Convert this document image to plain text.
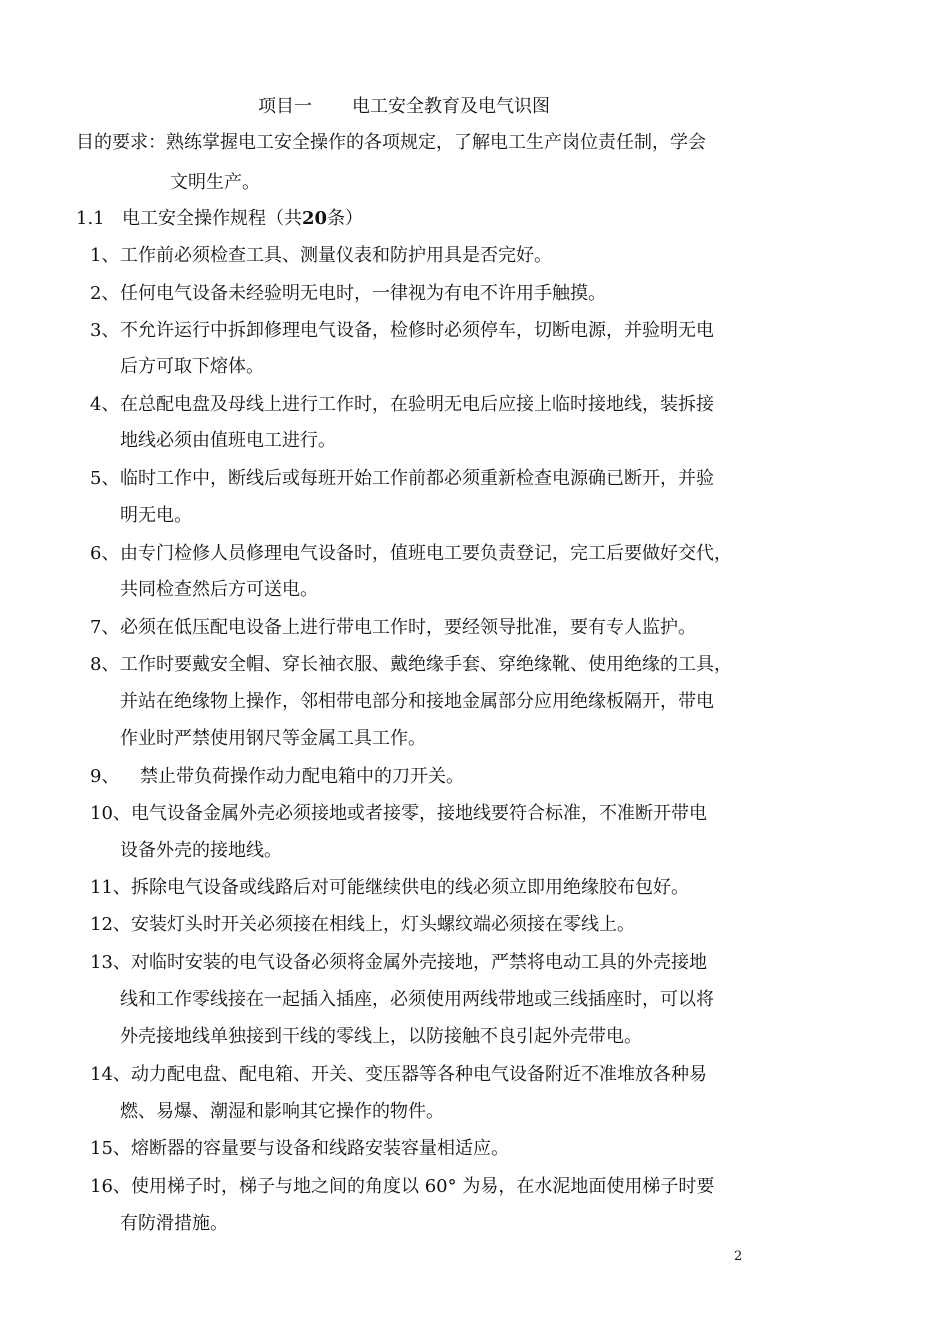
项目一 电工安全教育及电气识图
目的要求：熟练掌握电工安全操作的各项规定，了解电工生产岗位责任制，学会
文明生产。
1.1 电工安全操作规程（共20条）
1、 工作前必须检查工具、测量仪表和防护用具是否完好。
2、 任何电气设备未经验明无电时，一律视为有电不许用手触摸。
3、 不允许运行中拆卸修理电气设备，检修时必须停车，切断电源，并验明无电
后方可取下熔体。
4、 在总配电盘及母线上进行工作时，在验明无电后应接上临时接地线，装拆接
地线必须由值班电工进行。
5、 临时工作中，断线后或每班开始工作前都必须重新检查电源确已断开，并验
明无电。
6、 由专门检修人员修理电气设备时，值班电工要负责登记，完工后要做好交代，
共同检查然后方可送电。
7、 必须在低压配电设备上进行带电工作时，要经领导批准，要有专人监护。
8、 工作时要戴安全帽、穿长袖衣服、戴绝缘手套、穿绝缘靴、使用绝缘的工具，
并站在绝缘物上操作，邻相带电部分和接地金属部分应用绝缘板隔开，带电
作业时严禁使用钢尺等金属工具工作。
9、 禁止带负荷操作动力配电箱中的刀开关。
10、 电气设备金属外壳必须接地或者接零，接地线要符合标准，不准断开带电
设备外壳的接地线。
11、 拆除电气设备或线路后对可能继续供电的线必须立即用绝缘胶布包好。
12、 安装灯头时开关必须接在相线上，灯头螺纹端必须接在零线上。
13、 对临时安装的电气设备必须将金属外壳接地，严禁将电动工具的外壳接地
线和工作零线接在一起插入插座，必须使用两线带地或三线插座时，可以将
外壳接地线单独接到干线的零线上，以防接触不良引起外壳带电。
14、 动力配电盘、配电箱、开关、变压器等各种电气设备附近不准堆放各种易
燃、易爆、潮湿和影响其它操作的物件。
15、 熔断器的容量要与设备和线路安装容量相适应。
16、 使用梯子时，梯子与地之间的角度以 60° 为易，在水泥地面使用梯子时要
有防滑措施。
2
